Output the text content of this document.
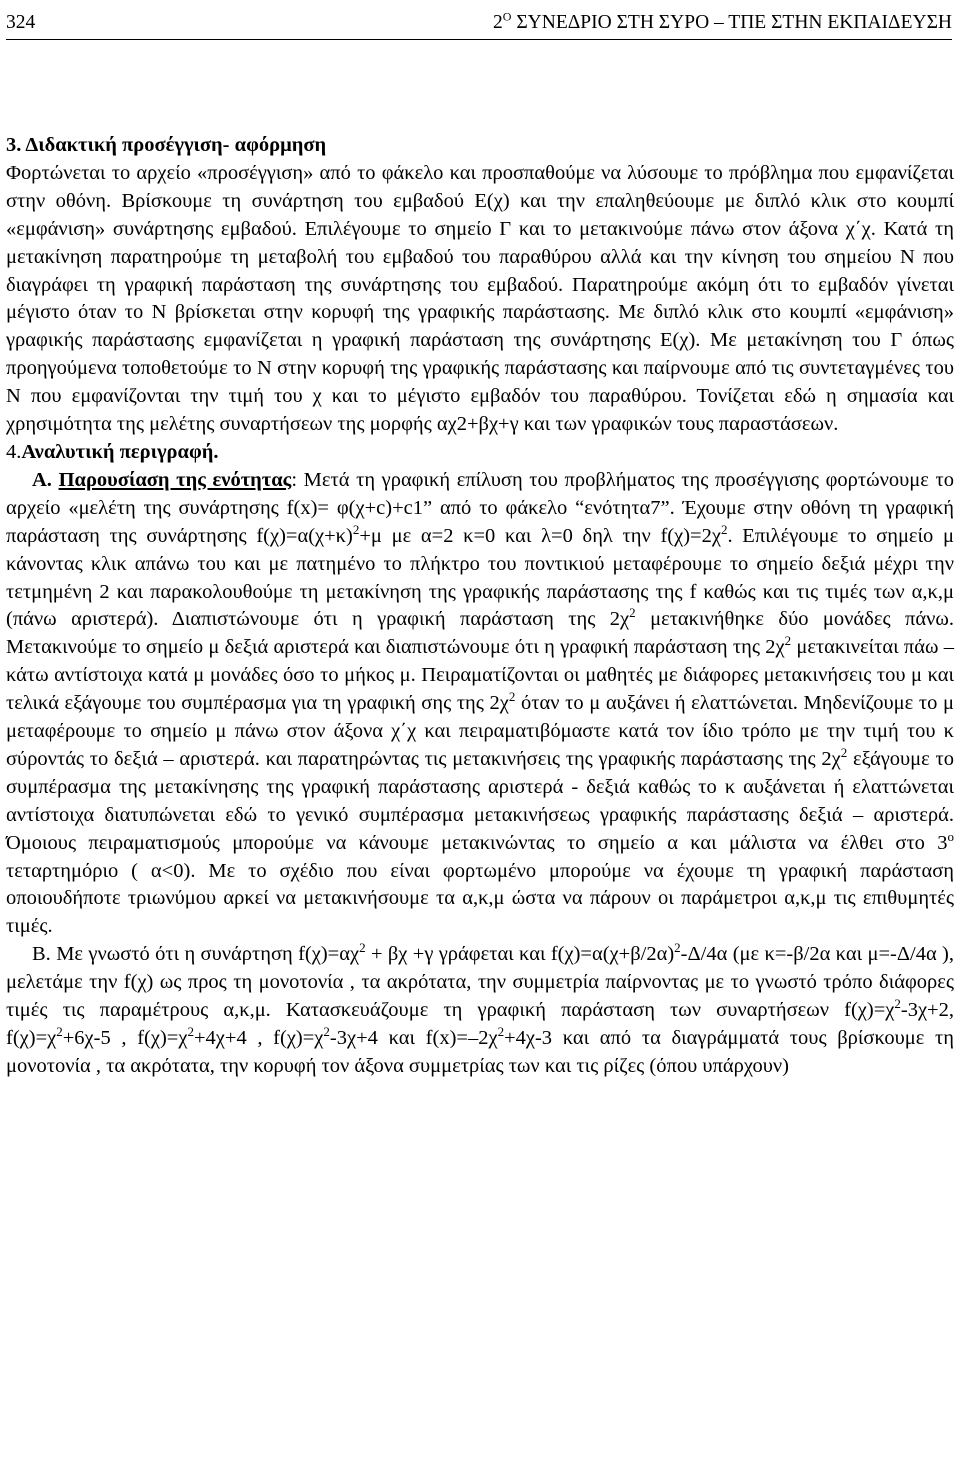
324	$2^O$ ΣΥΝΕΔΡΙΟ ΣΤΗ ΣΥΡΟ – ΤΠΕ ΣΤΗΝ ΕΚΠΑΙΔΕΥΣΗ

3. Διδακτική προσέγγιση- αφόρμηση

Φορτώνεται το αρχείο «προσέγγιση» από το φάκελο και προσπαθούμε να λύσουμε το πρόβλημα που εμφανίζεται στην οθόνη. Βρίσκουμε τη συνάρτηση του εμβαδού Ε(χ) και την επαληθεύουμε με διπλό κλικ στο κουμπί «εμφάνιση» συνάρτησης εμβαδού. Επιλέγουμε το σημείο Γ και το μετακινούμε πάνω στον άξονα χ΄χ. Κατά τη μετακίνηση παρατηρούμε τη μεταβολή του εμβαδού του παραθύρου αλλά και την κίνηση του σημείου Ν που διαγράφει τη γραφική παράσταση της συνάρτησης του εμβαδού. Παρατηρούμε ακόμη ότι το εμβαδόν γίνεται μέγιστο όταν το Ν βρίσκεται στην κορυφή της γραφικής παράστασης. Με διπλό κλικ στο κουμπί «εμφάνιση» γραφικής παράστασης εμφανίζεται η γραφική παράσταση της συνάρτησης Ε(χ). Με μετακίνηση του Γ όπως προηγούμενα τοποθετούμε το Ν στην κορυφή της γραφικής παράστασης και παίρνουμε από τις συντεταγμένες του Ν που εμφανίζονται την τιμή του χ και το μέγιστο εμβαδόν του παραθύρου. Τονίζεται εδώ η σημασία και χρησιμότητα της μελέτης συναρτήσεων της μορφής αχ2+βχ+γ και των γραφικών τους παραστάσεων.

4.Αναλυτική περιγραφή.

Α. Παρουσίαση της ενότητας: Μετά τη γραφική επίλυση του προβλήματος της προσέγγισης φορτώνουμε το αρχείο «μελέτη της συνάρτησης f(x)= φ(χ+c)+c1” από το φάκελο “ενότητα7”. Έχουμε στην οθόνη τη γραφική παράσταση της συνάρτησης $f(\chi)=\alpha(\chi+\kappa)^2+\mu$ με α=2 κ=0 και λ=0 δηλ την $f(\chi)=2\chi^2$. Επιλέγουμε το σημείο μ κάνοντας κλικ απάνω του και με πατημένο το πλήκτρο του ποντικιού μεταφέρουμε το σημείο δεξιά μέχρι την τετμημένη 2 και παρακολουθούμε τη μετακίνηση της γραφικής παράστασης της f καθώς και τις τιμές των α,κ,μ (πάνω αριστερά). Διαπιστώνουμε ότι η γραφική παράσταση της $2\chi^2$ μετακινήθηκε δύο μονάδες πάνω. Μετακινούμε το σημείο μ δεξιά αριστερά και διαπιστώνουμε ότι η γραφική παράσταση της $2\chi^2$ μετακινείται πάω – κάτω αντίστοιχα κατά μ μονάδες όσο το μήκος μ. Πειραματίζονται οι μαθητές με διάφορες μετακινήσεις του μ και τελικά εξάγουμε του συμπέρασμα για τη γραφική σης της $2\chi^2$ όταν το μ αυξάνει ή ελαττώνεται. Μηδενίζουμε το μ μεταφέρουμε το σημείο μ πάνω στον άξονα χ΄χ και πειραματιβόμαστε κατά τον ίδιο τρόπο με την τιμή του κ σύροντάς το δεξιά – αριστερά. και παρατηρώντας τις μετακινήσεις της γραφικής παράστασης της $2\chi^2$ εξάγουμε το συμπέρασμα της μετακίνησης της γραφική παράστασης αριστερά - δεξιά καθώς το κ αυξάνεται ή ελαττώνεται αντίστοιχα διατυπώνεται εδώ το γενικό συμπέρασμα μετακινήσεως γραφικής παράστασης δεξιά – αριστερά. Όμοιους πειραματισμούς μπορούμε να κάνουμε μετακινώντας το σημείο α και μάλιστα να έλθει στο $3^o$ τεταρτημόριο ( α<0). Με το σχέδιο που είναι φορτωμένο μπορούμε να έχουμε τη γραφική παράσταση οποιουδήποτε τριωνύμου αρκεί να μετακινήσουμε τα α,κ,μ ώστα να πάρουν οι παράμετροι α,κ,μ τις επιθυμητές τιμές.

Β. Με γνωστό ότι η συνάρτηση $f(\chi)=\alpha\chi^2 + \beta\chi +\gamma$ γράφεται και $f(\chi)=\alpha(\chi+\beta/2\alpha)^2-\Delta/4\alpha$ (με κ=-β/2α και μ=-Δ/4α ), μελετάμε την f(χ) ως προς τη μονοτονία , τα ακρότατα, την συμμετρία παίρνοντας με το γνωστό τρόπο διάφορες τιμές τις παραμέτρους α,κ,μ. Κατασκευάζουμε τη γραφική παράσταση των συναρτήσεων $f(\chi)=\chi^2-3\chi+2$, $f(\chi)=\chi^2+6\chi-5$ , $f(\chi)=\chi^2+4\chi+4$ , $f(\chi)=\chi^2-3\chi+4$ και $f(x)=-2\chi^2+4\chi-3$ και από τα διαγράμματά τους βρίσκουμε τη μονοτονία , τα ακρότατα, την κορυφή τον άξονα συμμετρίας των και τις ρίζες (όπου υπάρχουν)
